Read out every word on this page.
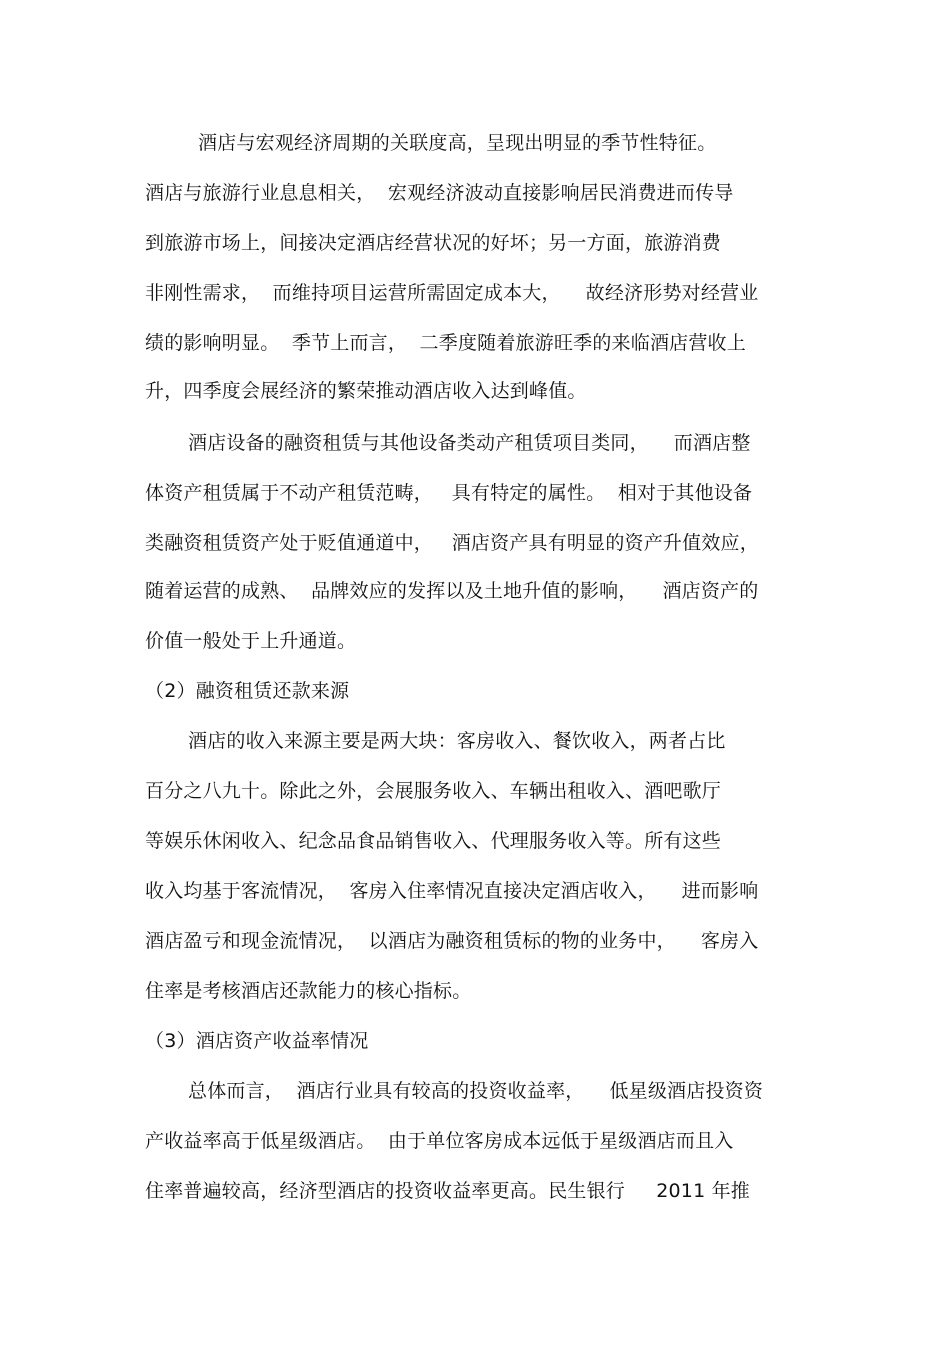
酒店与宏观经济周期的关联度高，呈现出明显的季节性特征。
酒店与旅游行业息息相关，  宏观经济波动直接影响居民消费进而传导
到旅游市场上，间接决定酒店经营状况的好坏；另一方面，旅游消费
非刚性需求，  而维持项目运营所需固定成本大，    故经济形势对经营业
绩的影响明显。  季节上而言，  二季度随着旅游旺季的来临酒店营收上
升，四季度会展经济的繁荣推动酒店收入达到峰值。
酒店设备的融资租赁与其他设备类动产租赁项目类同，    而酒店整
体资产租赁属于不动产租赁范畴，   具有特定的属性。  相对于其他设备
类融资租赁资产处于贬值通道中，   酒店资产具有明显的资产升值效应，
随着运营的成熟、  品牌效应的发挥以及土地升值的影响，    酒店资产的
价值一般处于上升通道。
（2）融资租赁还款来源
酒店的收入来源主要是两大块：客房收入、餐饮收入，两者占比
百分之八九十。除此之外，会展服务收入、车辆出租收入、酒吧歌厅
等娱乐休闲收入、纪念品食品销售收入、代理服务收入等。所有这些
收入均基于客流情况，  客房入住率情况直接决定酒店收入，    进而影响
酒店盈亏和现金流情况，  以酒店为融资租赁标的物的业务中，    客房入
住率是考核酒店还款能力的核心指标。
（3）酒店资产收益率情况
总体而言，  酒店行业具有较高的投资收益率，    低星级酒店投资资
产收益率高于低星级酒店。  由于单位客房成本远低于星级酒店而且入
住率普遍较高，经济型酒店的投资收益率更高。民生银行     2011 年推
